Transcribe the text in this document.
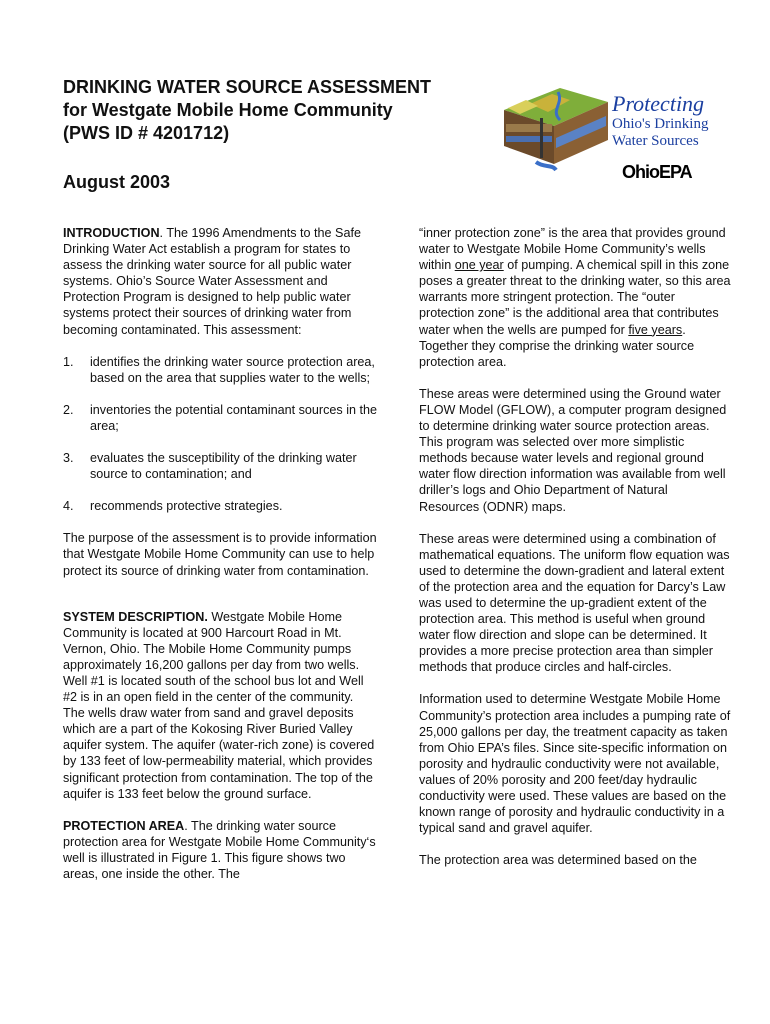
DRINKING WATER SOURCE ASSESSMENT
for Westgate Mobile Home Community
(PWS ID # 4201712)
August 2003
Protecting
Ohio's Drinking
Water Sources
OhioEPA

INTRODUCTION. The 1996 Amendments to the Safe Drinking Water Act establish a program for states to assess the drinking water source for all public water systems. Ohio’s Source Water Assessment and Protection Program is designed to help public water systems protect their sources of drinking water from becoming contaminated. This assessment:

1. identifies the drinking water source protection area, based on the area that supplies water to the wells;
2. inventories the potential contaminant sources in the area;
3. evaluates the susceptibility of the drinking water source to contamination; and
4. recommends protective strategies.

The purpose of the assessment is to provide information that Westgate Mobile Home Community can use to help protect its source of drinking water from contamination.

SYSTEM DESCRIPTION. Westgate Mobile Home Community is located at 900 Harcourt Road in Mt. Vernon, Ohio. The Mobile Home Community pumps approximately 16,200 gallons per day from two wells. Well #1 is located south of the school bus lot and Well #2 is in an open field in the center of the community. The wells draw water from sand and gravel deposits which are a part of the Kokosing River Buried Valley aquifer system. The aquifer (water-rich zone) is covered by 133 feet of low-permeability material, which provides significant protection from contamination. The top of the aquifer is 133 feet below the ground surface.

PROTECTION AREA. The drinking water source protection area for Westgate Mobile Home Community‘s well is illustrated in Figure 1. This figure shows two areas, one inside the other. The

“inner protection zone” is the area that provides ground water to Westgate Mobile Home Community’s wells within one year of pumping. A chemical spill in this zone poses a greater threat to the drinking water, so this area warrants more stringent protection. The “outer protection zone” is the additional area that contributes water when the wells are pumped for five years. Together they comprise the drinking water source protection area.

These areas were determined using the Ground water FLOW Model (GFLOW), a computer program designed to determine drinking water source protection areas. This program was selected over more simplistic methods because water levels and regional ground water flow direction information was available from well driller’s logs and Ohio Department of Natural Resources (ODNR) maps.

These areas were determined using a combination of mathematical equations. The uniform flow equation was used to determine the down-gradient and lateral extent of the protection area and the equation for Darcy’s Law was used to determine the up-gradient extent of the protection area. This method is useful when ground water flow direction and slope can be determined. It provides a more precise protection area than simpler methods that produce circles and half-circles.

Information used to determine Westgate Mobile Home Community’s protection area includes a pumping rate of 25,000 gallons per day, the treatment capacity as taken from Ohio EPA’s files. Since site-specific information on porosity and hydraulic conductivity were not available, values of 20% porosity and 200 feet/day hydraulic conductivity were used. These values are based on the known range of porosity and hydraulic conductivity in a typical sand and gravel aquifer.

The protection area was determined based on the
